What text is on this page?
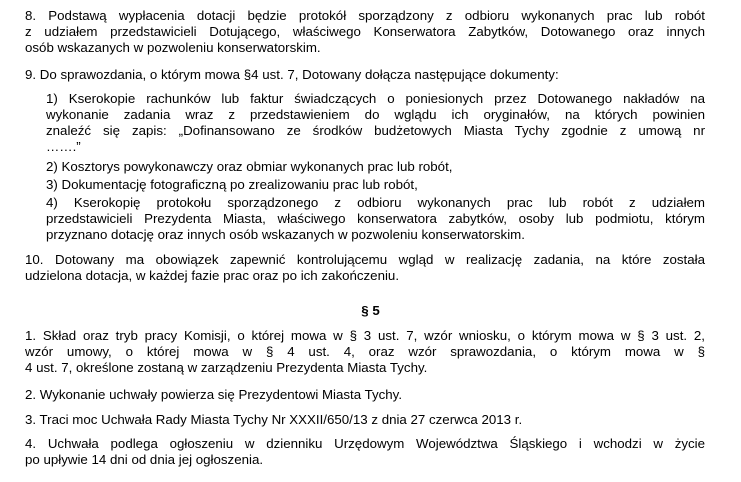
8. Podstawą wypłacenia dotacji będzie protokół sporządzony z odbioru wykonanych prac lub robót
z udziałem przedstawicieli Dotującego, właściwego Konserwatora Zabytków, Dotowanego oraz innych
osób wskazanych w pozwoleniu konserwatorskim.
9. Do sprawozdania, o którym mowa §4 ust. 7, Dotowany dołącza następujące dokumenty:
1) Kserokopie rachunków lub faktur świadczących o poniesionych przez Dotowanego nakładów na
wykonanie zadania wraz z przedstawieniem do wglądu ich oryginałów, na których powinien
znaleźć się zapis: „Dofinansowano ze środków budżetowych Miasta Tychy zgodnie z umową nr
…….”
2) Kosztorys powykonawczy oraz obmiar wykonanych prac lub robót,
3) Dokumentację fotograficzną po zrealizowaniu prac lub robót,
4) Kserokopię protokołu sporządzonego z odbioru wykonanych prac lub robót z udziałem
przedstawicieli Prezydenta Miasta, właściwego konserwatora zabytków, osoby lub podmiotu, którym
przyznano dotację oraz innych osób wskazanych w pozwoleniu konserwatorskim.
10. Dotowany ma obowiązek zapewnić kontrolującemu wgląd w realizację zadania, na które została
udzielona dotacja, w każdej fazie prac oraz po ich zakończeniu.
§ 5
1. Skład oraz tryb pracy Komisji, o której mowa w § 3 ust. 7, wzór wniosku, o którym mowa w § 3 ust. 2,
wzór umowy, o której mowa w § 4 ust. 4, oraz wzór sprawozdania, o którym mowa w §
4 ust. 7, określone zostaną w zarządzeniu Prezydenta Miasta Tychy.
2. Wykonanie uchwały powierza się Prezydentowi Miasta Tychy.
3. Traci moc Uchwała Rady Miasta Tychy Nr XXXII/650/13 z dnia 27 czerwca 2013 r.
4. Uchwała podlega ogłoszeniu w dzienniku Urzędowym Województwa Śląskiego i wchodzi w życie
po upływie 14 dni od dnia jej ogłoszenia.
